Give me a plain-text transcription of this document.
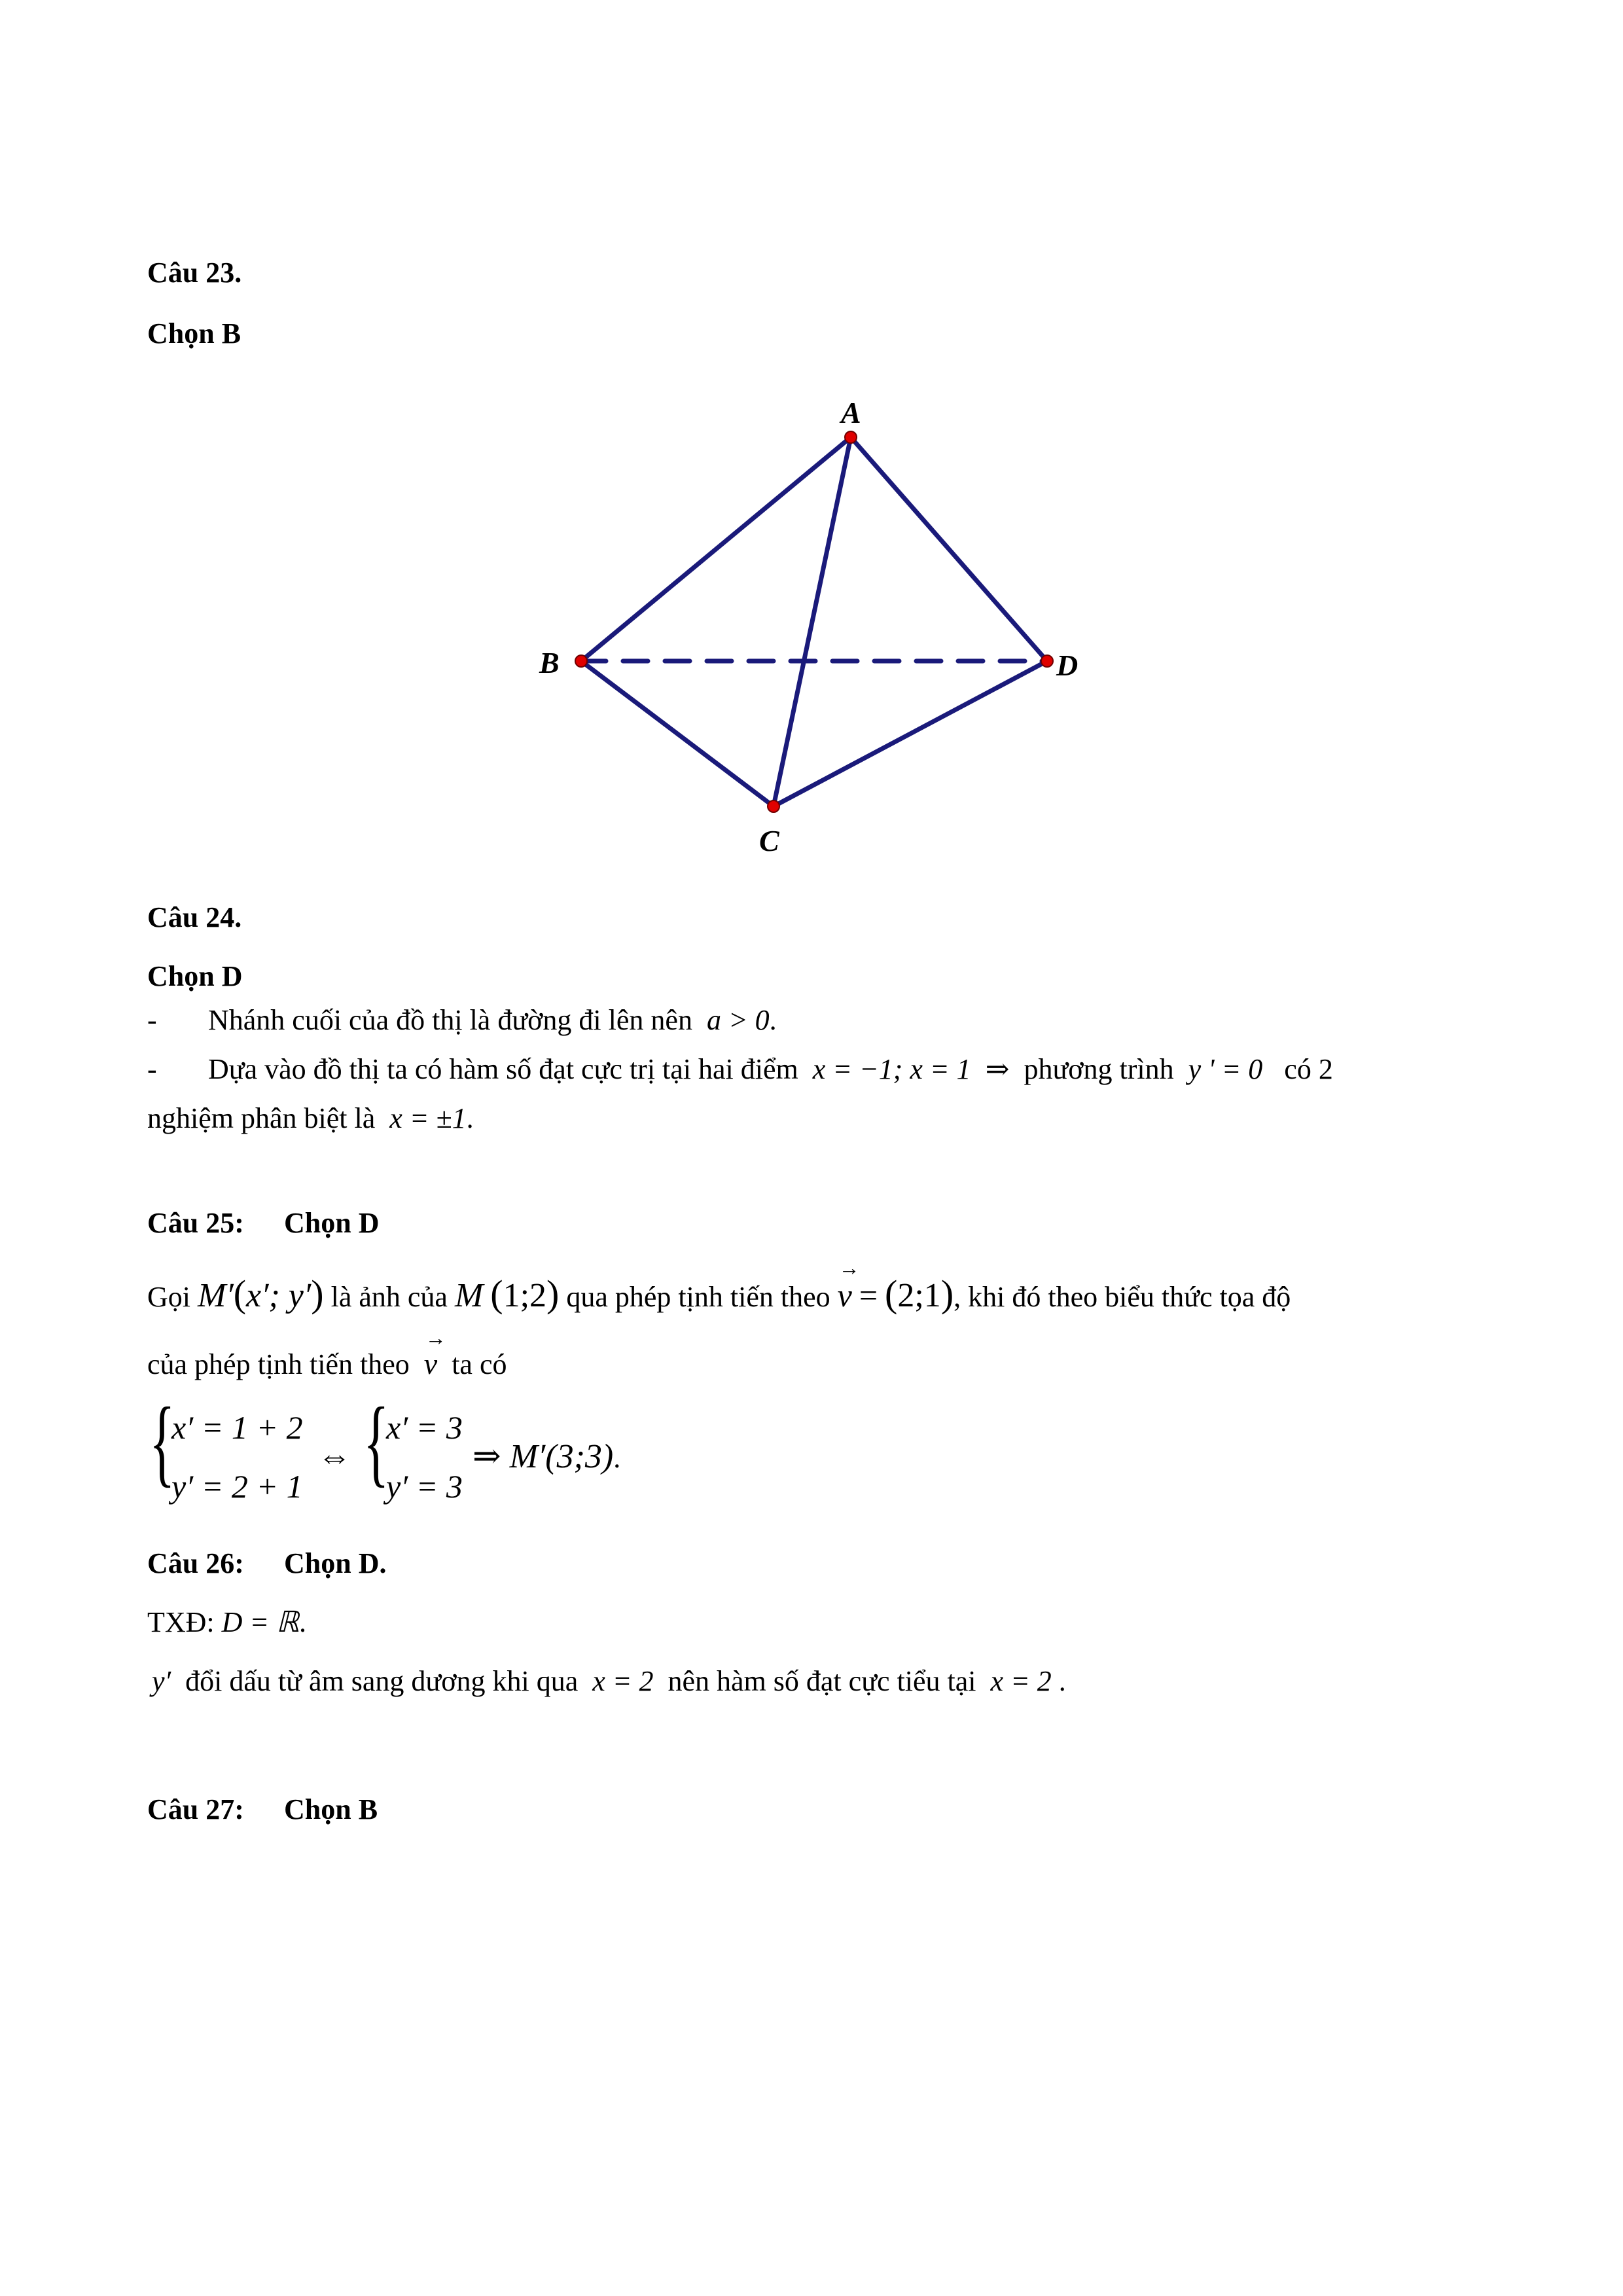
Câu 23.
Chọn B
A
B
C
D
Câu 24.
Chọn D
- Nhánh cuối của đồ thị là đường đi lên nên a > 0.
- Dựa vào đồ thị ta có hàm số đạt cực trị tại hai điểm x = −1; x = 1 ⇒ phương trình y ' = 0 có 2
nghiệm phân biệt là x = ±1.
Câu 25: Chọn D
Gọi M′(x′; y′) là ảnh của M (1;2) qua phép tịnh tiến theo
→
v = (2;1), khi đó theo biểu thức tọa độ
của phép tịnh tiến theo
→
v ta có
{
x′ = 1 + 2
y′ = 2 + 1
⇔ {
x′ = 3
y′ = 3
⇒ M′(3;3).
Câu 26: Chọn D.
TXĐ: D = ℝ.
y′ đổi dấu từ âm sang dương khi qua x = 2 nên hàm số đạt cực tiểu tại x = 2 .
Câu 27: Chọn B
